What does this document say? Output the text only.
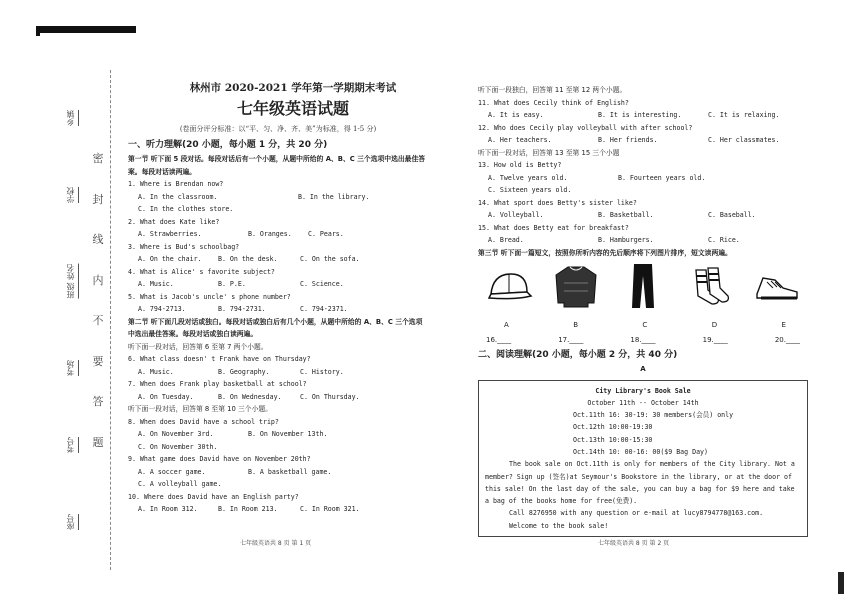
乡镇
学校
班级 姓名
考场
考号
座号
密
封
线
内
不
要
答
题
林州市 2020-2021 学年第一学期期末考试
七年级英语试题
(卷面分评分标准：以“平、匀、净、齐、美”为标准，得 1-5 分)
一、听力理解(20 小题，每小题 1 分，共 20 分)
第一节 听下面 5 段对话。每段对话后有一个小题，从题中所给的 A、B、C 三个选项中选出最佳答案。每段对话读两遍。
1. Where is Brendan now?
A. In the classroom.	B. In the library.
C. In the clothes store.
2. What does Kate like?
A. Strawberries.	B. Oranges.	C. Pears.
3. Where is Bud's schoolbag?
A. On the chair.	B. On the desk.	C. On the sofa.
4. What is Alice' s favorite subject?
A. Music.	B. P.E.	C. Science.
5. What is Jacob's uncle' s phone number?
A. 794-2713.	B. 794-2731.	C. 794-2371.
第二节 听下面几段对话或独白。每段对话或独白后有几个小题，从题中所给的 A、B、C 三个选项中选出最佳答案。每段对话或独白读两遍。
听下面一段对话，回答第 6 至第 7 两个小题。
6. What class doesn' t Frank have on Thursday?
A. Music.	B. Geography.	C. History.
7. When does Frank play basketball at school?
A. On Tuesday.	B. On Wednesday.	C. On Thursday.
听下面一段对话，回答第 8 至第 10 三个小题。
8. When does David have a school trip?
A. On November 3rd.	B. On November 13th.
C. On November 30th.
9. What game does David have on November 20th?
A. A soccer game.	B. A basketball game.
C. A volleyball game.
10. Where does David have an English party?
A. In Room 312.	B. In Room 213.	C. In Room 321.
听下面一段独白，回答第 11 至第 12 两个小题。
11. What does Cecily think of English?
A. It is easy.	B. It is interesting.	C. It is relaxing.
12. Who does Cecily play volleyball with after school?
A. Her teachers.	B. Her friends.	C. Her classmates.
听下面一段对话，回答第 13 至第 15 三个小题
13. How old is Betty?
A. Twelve years old.	B. Fourteen years old.
C. Sixteen years old.
14. What sport does Betty's sister like?
A. Volleyball.	B. Basketball.	C. Baseball.
15. What does Betty eat for breakfast?
A. Bread.	B. Hamburgers.	C. Rice.
第三节 听下面一篇短文，按照你所听内容的先后顺序将下列图片排序，短文读两遍。
A	B	C	D	E
16.____	17.____	18.____	19.____	20.____
二、阅读理解(20 小题，每小题 2 分，共 40 分)
A
City Library's Book Sale
October 11th -- October 14th
Oct.11th 16: 30-19: 30 members(会员) only
Oct.12th 10:00-19:30
Oct.13th 10:00-15:30
Oct.14th 10: 00-16: 00($9 Bag Day)
The book sale on Oct.11th is only for members of the City library. Not a member? Sign up (签名)at Seymour's Bookstore in the library, or at the door of this sale! On the last day of the sale, you can buy a bag for $9 here and take a bag of the books home for free(免费).
Call 8276950 with any question or e-mail at lucy8794778@163.com.
Welcome to the book sale!
七年级英语共 8 页 第 1 页	七年级英语共 8 页 第 2 页
